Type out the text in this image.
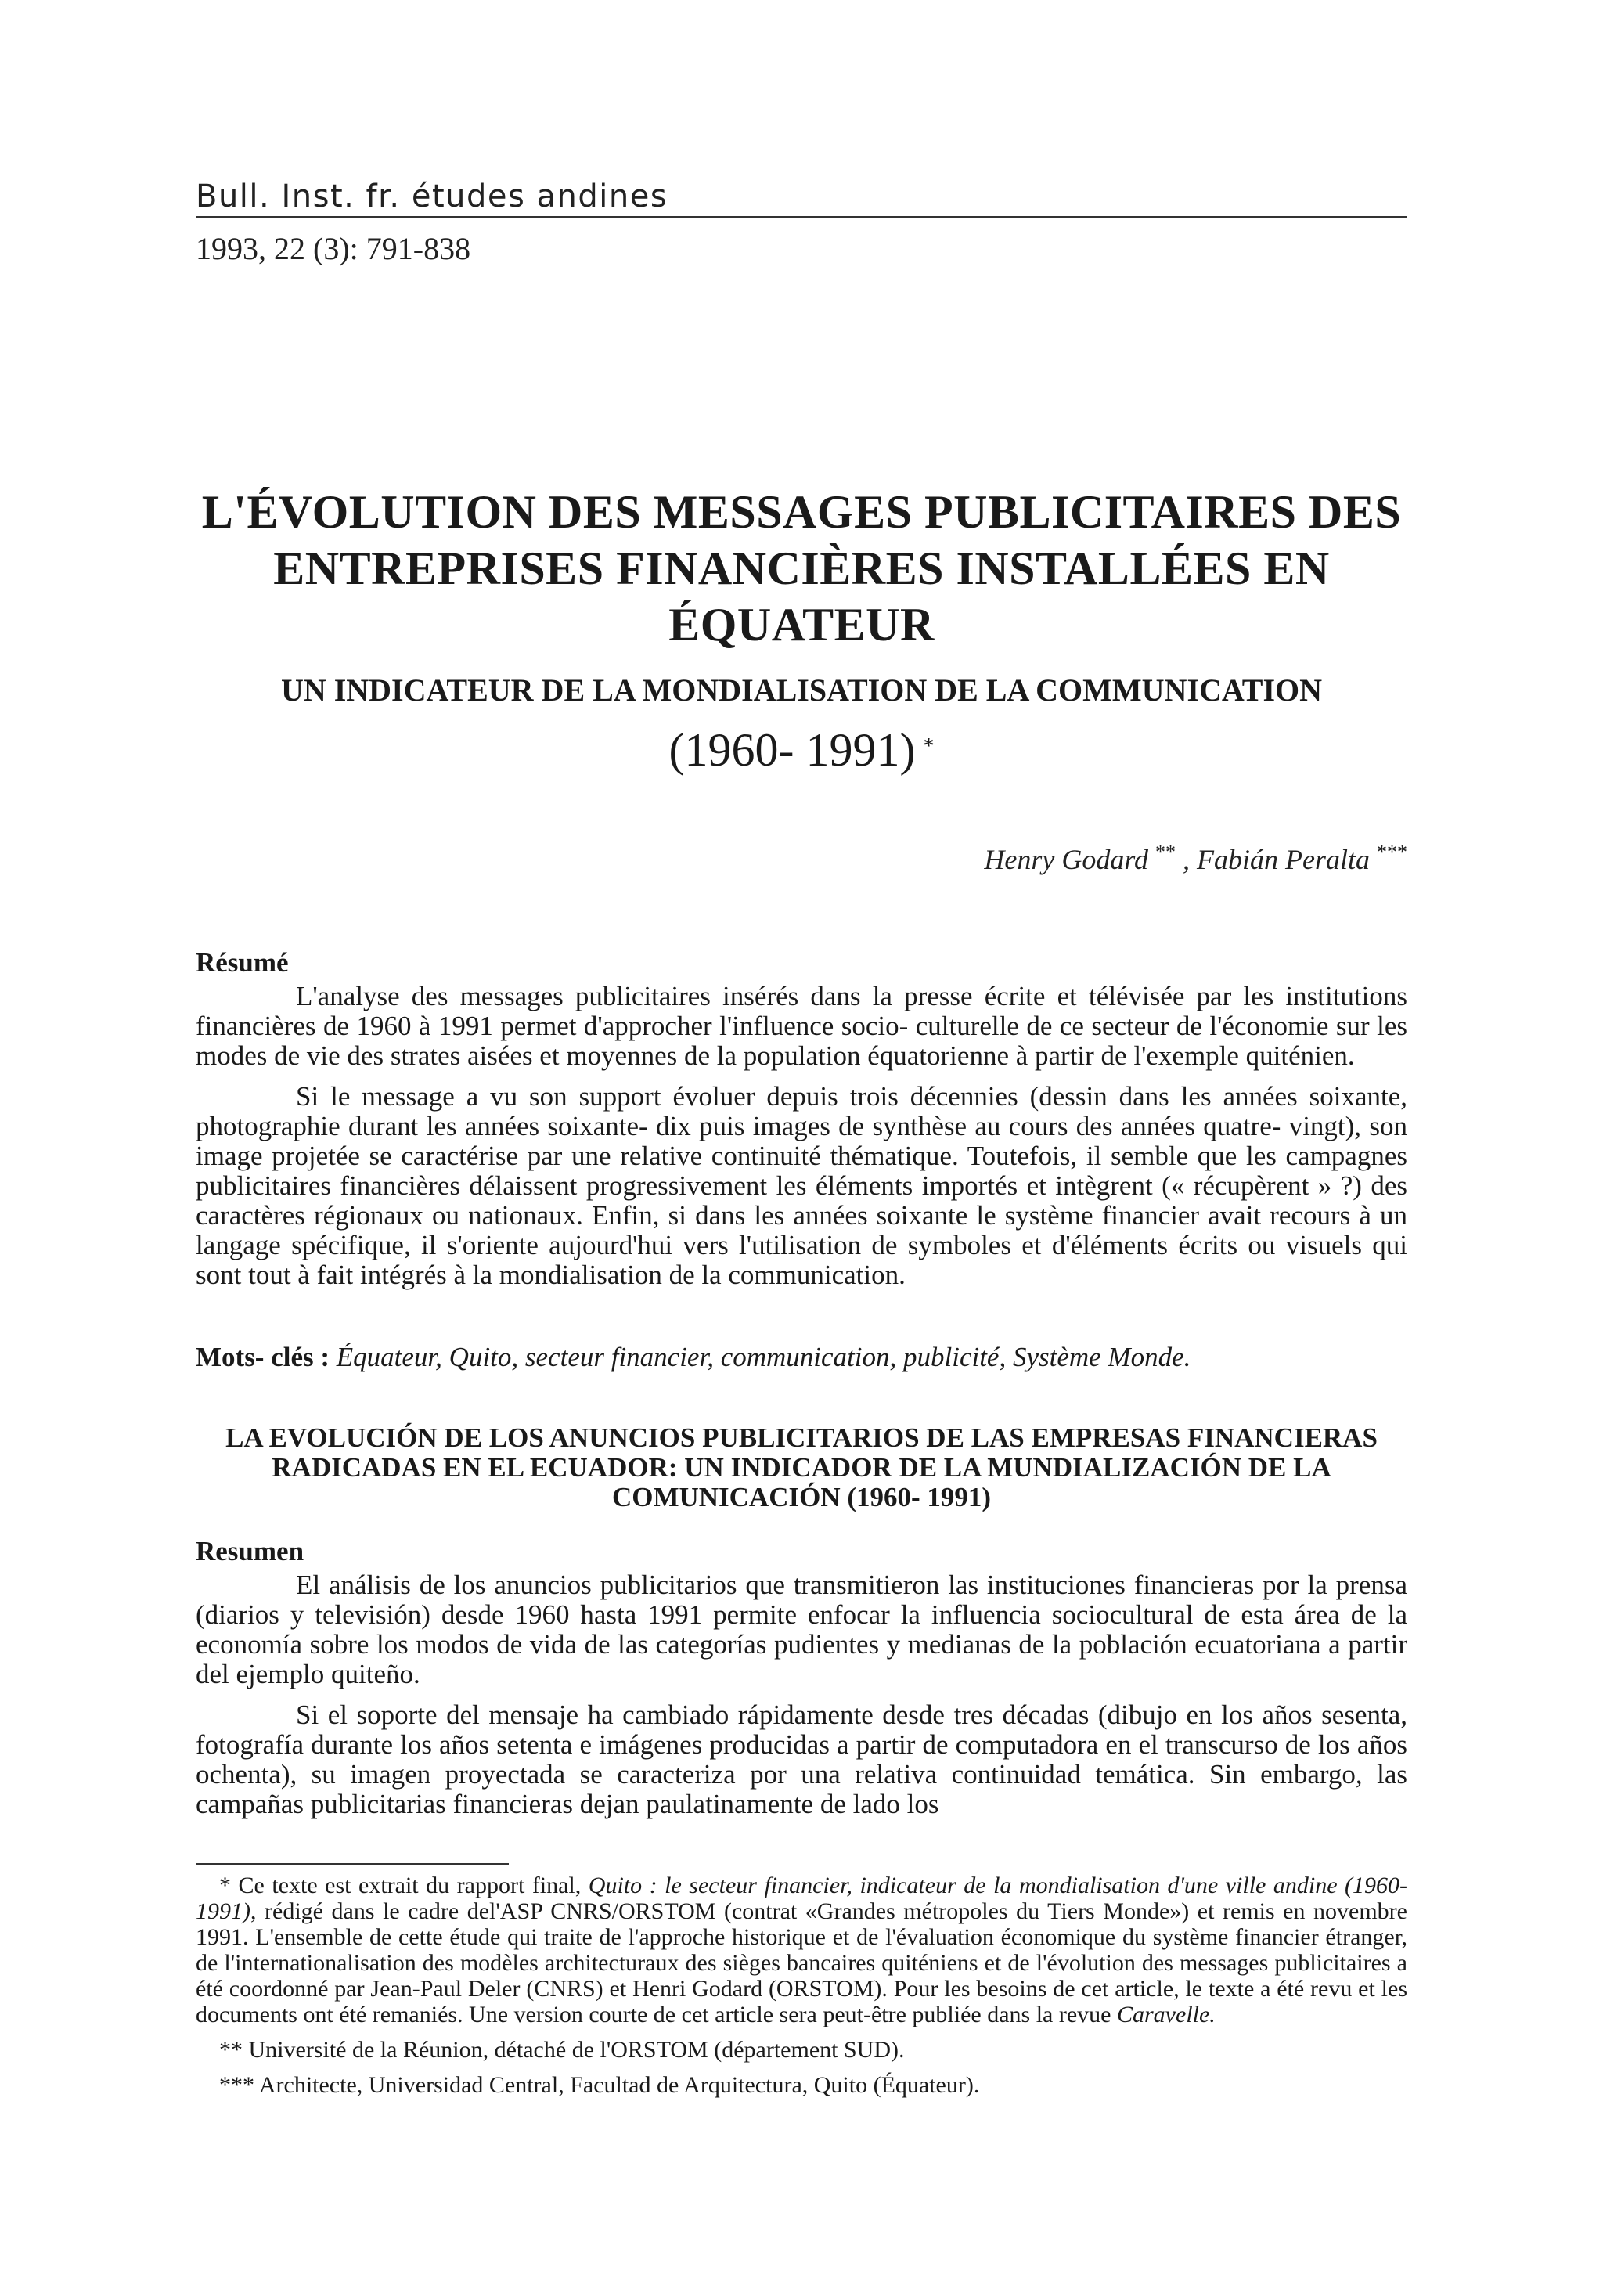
Bull. Inst. fr. études andines
1993, 22 (3): 791-838
L'ÉVOLUTION DES MESSAGES PUBLICITAIRES DES
ENTREPRISES FINANCIÈRES INSTALLÉES EN
ÉQUATEUR
UN INDICATEUR DE LA MONDIALISATION DE LA COMMUNICATION
(1960- 1991) *
Henry Godard ** , Fabián Peralta ***
Résumé

L'analyse des messages publicitaires insérés dans la presse écrite et télévisée par les institutions financières de 1960 à 1991 permet d'approcher l'influence socio- culturelle de ce secteur de l'économie sur les modes de vie des strates aisées et moyennes de la population équatorienne à partir de l'exemple quiténien.

Si le message a vu son support évoluer depuis trois décennies (dessin dans les années soixante, photographie durant les années soixante- dix puis images de synthèse au cours des années quatre- vingt), son image projetée se caractérise par une relative continuité thématique. Toutefois, il semble que les campagnes publicitaires financières délaissent progressivement les éléments importés et intègrent (« récupèrent » ?) des caractères régionaux ou nationaux. Enfin, si dans les années soixante le système financier avait recours à un langage spécifique, il s'oriente aujourd'hui vers l'utilisation de symboles et d'éléments écrits ou visuels qui sont tout à fait intégrés à la mondialisation de la communication.

Mots- clés : Équateur, Quito, secteur financier, communication, publicité, Système Monde.
LA EVOLUCIÓN DE LOS ANUNCIOS PUBLICITARIOS DE LAS EMPRESAS FINANCIERAS RADICADAS EN EL ECUADOR: UN INDICADOR DE LA MUNDIALIZACIÓN DE LA COMUNICACIÓN (1960- 1991)
Resumen

El análisis de los anuncios publicitarios que transmitieron las instituciones financieras por la prensa (diarios y televisión) desde 1960 hasta 1991 permite enfocar la influencia sociocultural de esta área de la economía sobre los modos de vida de las categorías pudientes y medianas de la población ecuatoriana a partir del ejemplo quiteño.

Si el soporte del mensaje ha cambiado rápidamente desde tres décadas (dibujo en los años sesenta, fotografía durante los años setenta e imágenes producidas a partir de computadora en el transcurso de los años ochenta), su imagen proyectada se caracteriza por una relativa continuidad temática. Sin embargo, las campañas publicitarias financieras dejan paulatinamente de lado los

* Ce texte est extrait du rapport final, Quito : le secteur financier, indicateur de la mondialisation d'une ville andine (1960-1991), rédigé dans le cadre del'ASP CNRS/ORSTOM (contrat «Grandes métropoles du Tiers Monde») et remis en novembre 1991. L'ensemble de cette étude qui traite de l'approche historique et de l'évaluation économique du système financier étranger, de l'internationalisation des modèles architecturaux des sièges bancaires quiténiens et de l'évolution des messages publicitaires a été coordonné par Jean-Paul Deler (CNRS) et Henri Godard (ORSTOM). Pour les besoins de cet article, le texte a été revu et les documents ont été remaniés. Une version courte de cet article sera peut-être publiée dans la revue Caravelle.

** Université de la Réunion, détaché de l'ORSTOM (département SUD).

*** Architecte, Universidad Central, Facultad de Arquitectura, Quito (Équateur).
